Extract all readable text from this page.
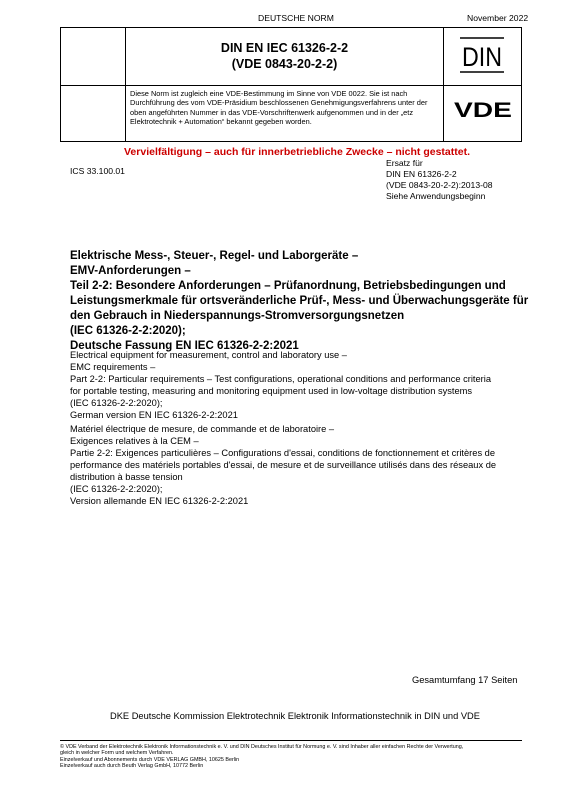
DEUTSCHE NORM	November 2022
DIN EN IEC 61326-2-2
(VDE 0843-20-2-2)	DIN
Diese Norm ist zugleich eine VDE-Bestimmung im Sinne von VDE 0022. Sie ist nach
Durchführung des vom VDE-Präsidium beschlossenen Genehmigungsverfahrens unter der
oben angeführten Nummer in das VDE-Vorschriftenwerk aufgenommen und in der „etz
Elektrotechnik + Automation“ bekannt gegeben worden.	VDE
Vervielfältigung – auch für innerbetriebliche Zwecke – nicht gestattet.
ICS 33.100.01
Ersatz für
DIN EN 61326-2-2
(VDE 0843-20-2-2):2013-08
Siehe Anwendungsbeginn
Elektrische Mess-, Steuer-, Regel- und Laborgeräte –
EMV-Anforderungen –
Teil 2-2: Besondere Anforderungen – Prüfanordnung, Betriebsbedingungen und
Leistungsmerkmale für ortsveränderliche Prüf-, Mess- und Überwachungsgeräte für
den Gebrauch in Niederspannungs-Stromversorgungsnetzen
(IEC 61326-2-2:2020);
Deutsche Fassung EN IEC 61326-2-2:2021
Electrical equipment for measurement, control and laboratory use –
EMC requirements –
Part 2-2: Particular requirements – Test configurations, operational conditions and performance criteria
for portable testing, measuring and monitoring equipment used in low-voltage distribution systems
(IEC 61326-2-2:2020);
German version EN IEC 61326-2-2:2021
Matériel électrique de mesure, de commande et de laboratoire –
Exigences relatives à la CEM –
Partie 2-2: Exigences particulières – Configurations d'essai, conditions de fonctionnement et critères de
performance des matériels portables d'essai, de mesure et de surveillance utilisés dans des réseaux de
distribution à basse tension
(IEC 61326-2-2:2020);
Version allemande EN IEC 61326-2-2:2021
Gesamtumfang 17 Seiten
DKE Deutsche Kommission Elektrotechnik Elektronik Informationstechnik in DIN und VDE
© VDE Verband der Elektrotechnik Elektronik Informationstechnik e. V. und DIN Deutsches Institut für Normung e. V. sind Inhaber aller einfachen Rechte der Verwertung,
gleich in welcher Form und welchem Verfahren.
Einzelverkauf und Abonnements durch VDE VERLAG GMBH, 10625 Berlin
Einzelverkauf auch durch Beuth Verlag GmbH, 10772 Berlin
